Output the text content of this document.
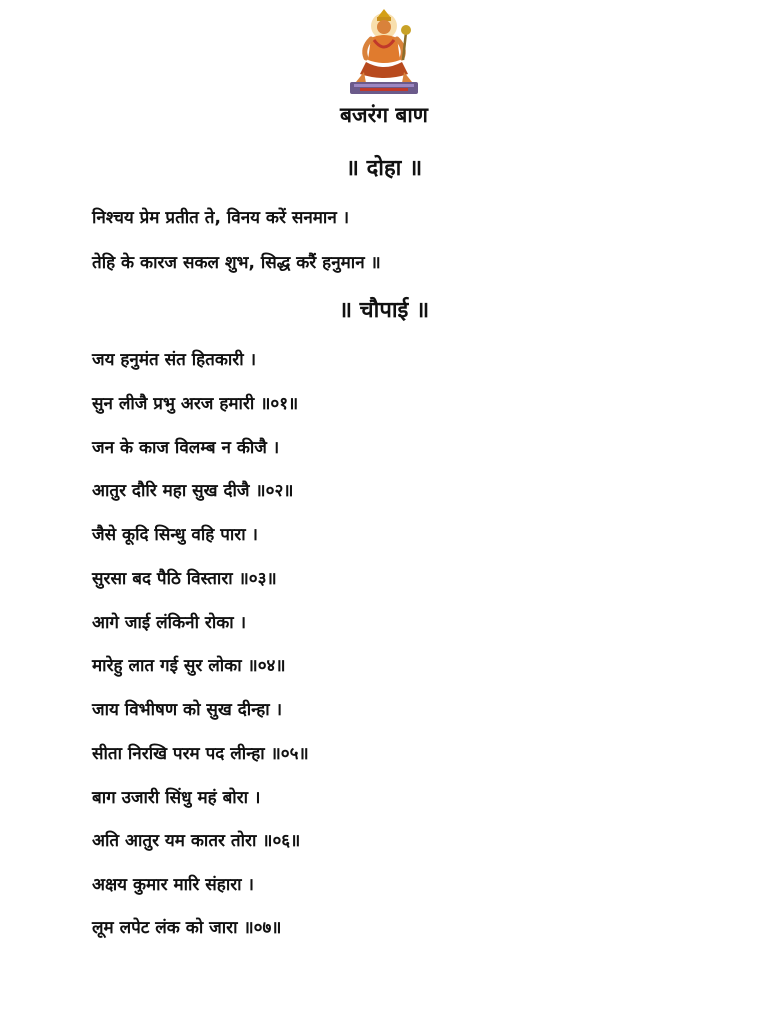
बजरंग बाण
॥ दोहा ॥
निश्चय प्रेम प्रतीत ते, विनय करें सनमान ।
तेहि के कारज सकल शुभ, सिद्ध करैं हनुमान ॥
॥ चौपाई ॥
जय हनुमंत संत हितकारी ।
सुन लीजै प्रभु अरज हमारी ॥०१॥
जन के काज विलम्ब न कीजै ।
आतुर दौरि महा सुख दीजै ॥०२॥
जैसे कूदि सिन्धु वहि पारा ।
सुरसा बद पैठि विस्तारा ॥०३॥
आगे जाई लंकिनी रोका ।
मारेहु लात गई सुर लोका ॥०४॥
जाय विभीषण को सुख दीन्हा ।
सीता निरखि परम पद लीन्हा ॥०५॥
बाग उजारी सिंधु महं बोरा ।
अति आतुर यम कातर तोरा ॥०६॥
अक्षय कुमार मारि संहारा ।
लूम लपेट लंक को जारा ॥०७॥
